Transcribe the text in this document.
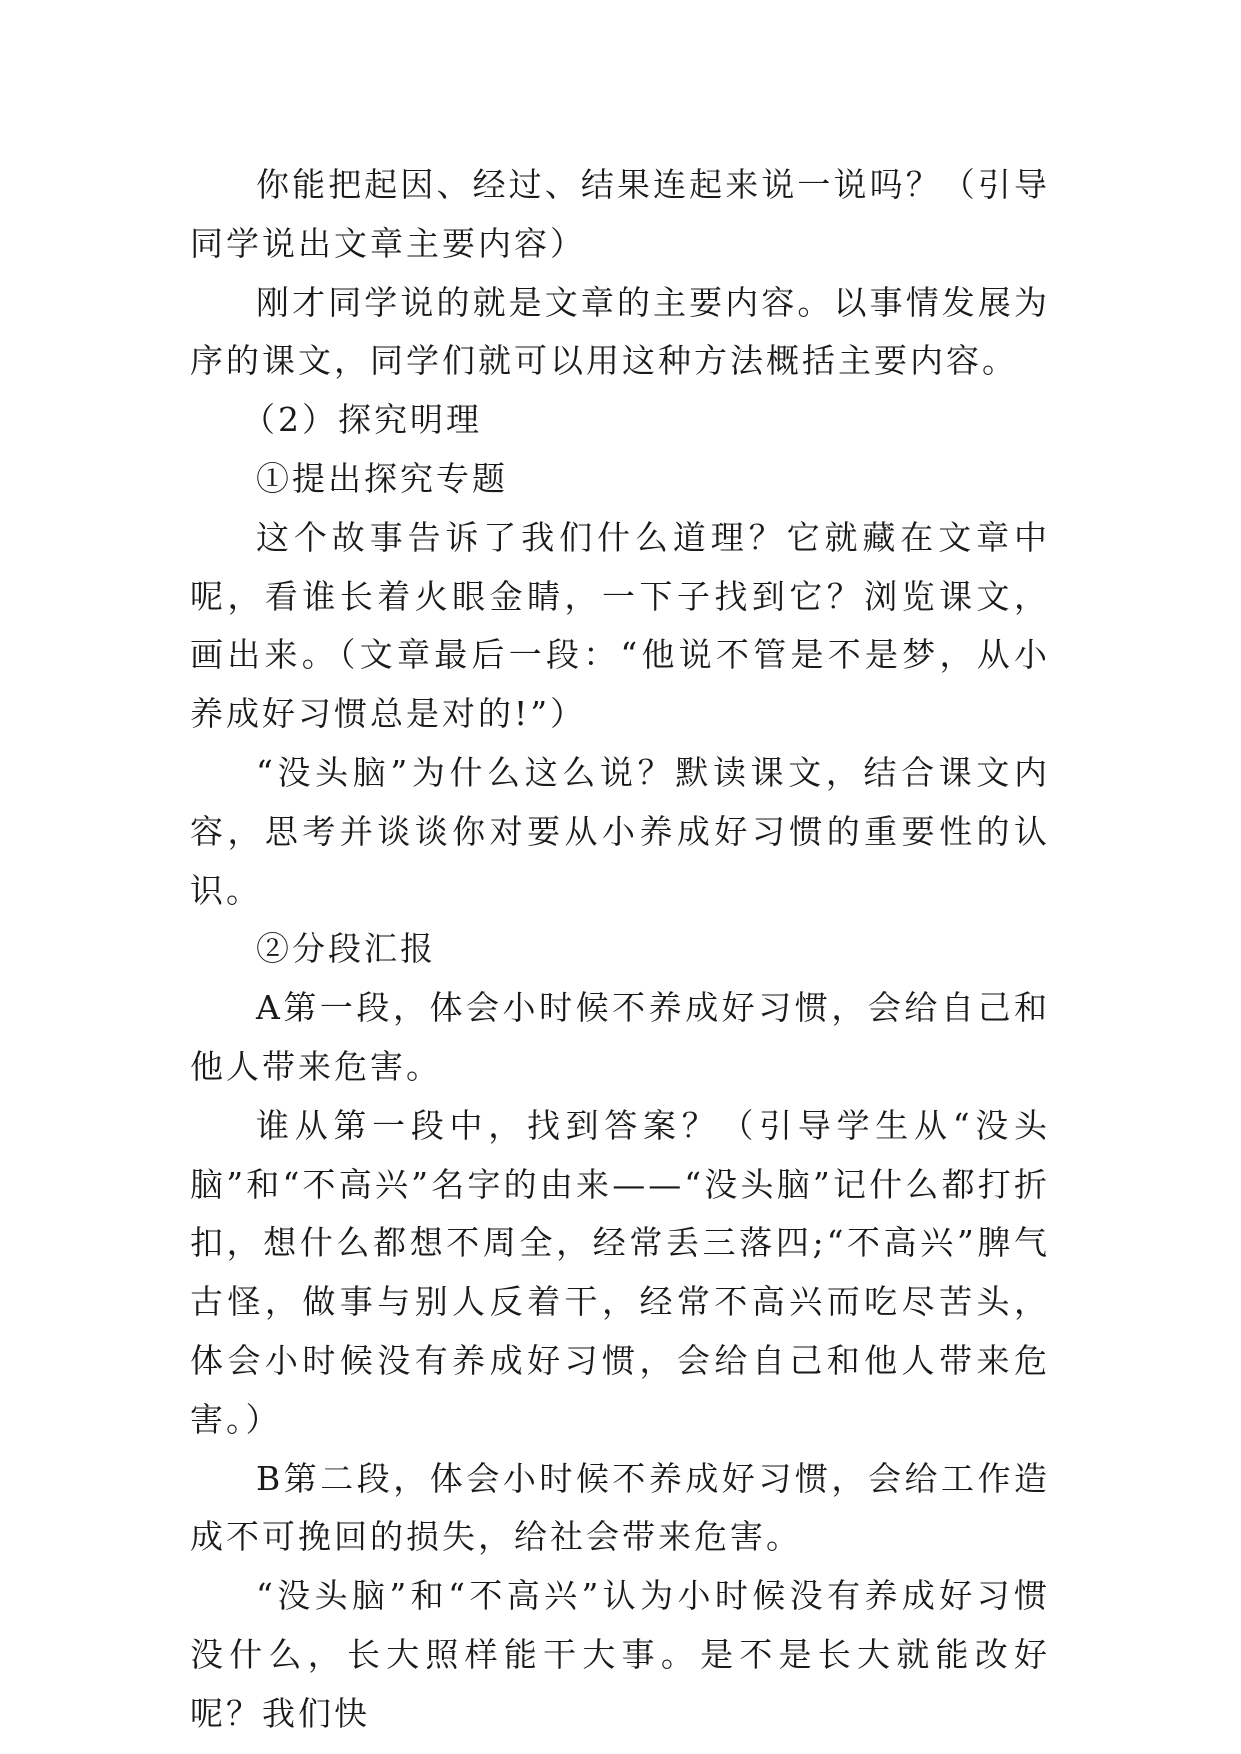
你能把起因、经过、结果连起来说一说吗？（引导同学说出文章主要内容）

刚才同学说的就是文章的主要内容。以事情发展为序的课文，同学们就可以用这种方法概括主要内容。

（2）探究明理

①提出探究专题

这个故事告诉了我们什么道理？它就藏在文章中呢，看谁长着火眼金睛，一下子找到它？浏览课文，画出来。（文章最后一段：“他说不管是不是梦，从小养成好习惯总是对的!”）

“没头脑”为什么这么说？默读课文，结合课文内容，思考并谈谈你对要从小养成好习惯的重要性的认识。

②分段汇报

A第一段，体会小时候不养成好习惯，会给自己和他人带来危害。

谁从第一段中，找到答案？（引导学生从“没头脑”和“不高兴”名字的由来——“没头脑”记什么都打折扣，想什么都想不周全，经常丢三落四;“不高兴”脾气古怪，做事与别人反着干，经常不高兴而吃尽苦头，体会小时候没有养成好习惯，会给自己和他人带来危害。）

B第二段，体会小时候不养成好习惯，会给工作造成不可挽回的损失，给社会带来危害。

“没头脑”和“不高兴”认为小时候没有养成好习惯没什么，长大照样能干大事。是不是长大就能改好呢？我们快
